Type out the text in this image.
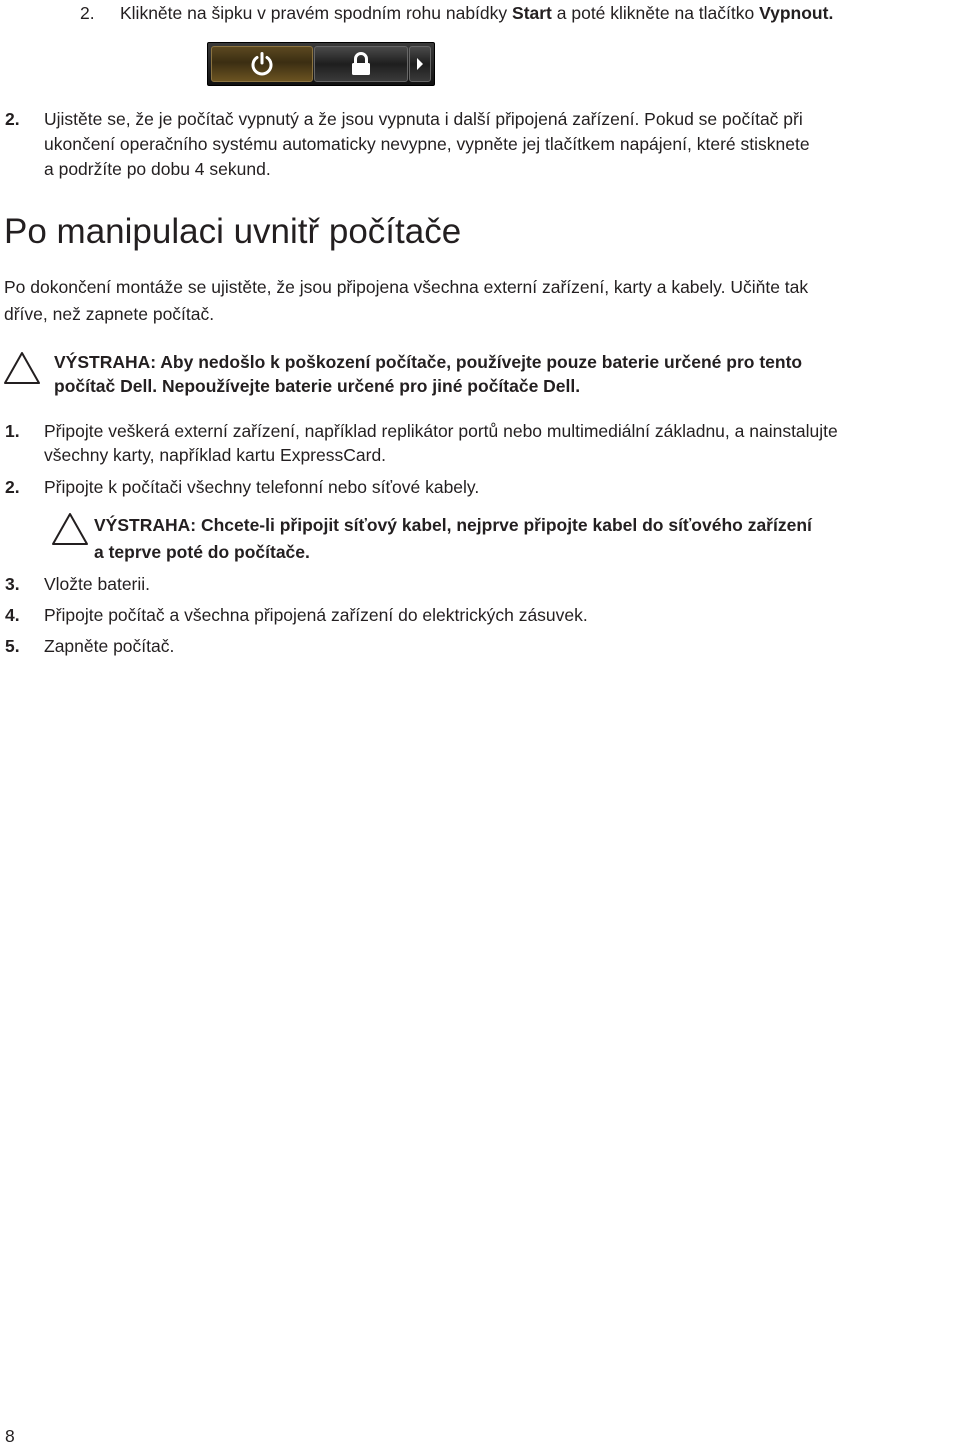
2. Klikněte na šipku v pravém spodním rohu nabídky Start a poté klikněte na tlačítko Vypnout.
2. Ujistěte se, že je počítač vypnutý a že jsou vypnuta i další připojená zařízení. Pokud se počítač při
ukončení operačního systému automaticky nevypne, vypněte jej tlačítkem napájení, které stisknete
a podržíte po dobu 4 sekund.
Po manipulaci uvnitř počítače
Po dokončení montáže se ujistěte, že jsou připojena všechna externí zařízení, karty a kabely. Učiňte tak
dříve, než zapnete počítač.
VÝSTRAHA: Aby nedošlo k poškození počítače, používejte pouze baterie určené pro tento
počítač Dell. Nepoužívejte baterie určené pro jiné počítače Dell.
1. Připojte veškerá externí zařízení, například replikátor portů nebo multimediální základnu, a nainstalujte
všechny karty, například kartu ExpressCard.
2. Připojte k počítači všechny telefonní nebo síťové kabely.
VÝSTRAHA: Chcete-li připojit síťový kabel, nejprve připojte kabel do síťového zařízení
a teprve poté do počítače.
3. Vložte baterii.
4. Připojte počítač a všechna připojená zařízení do elektrických zásuvek.
5. Zapněte počítač.
8
